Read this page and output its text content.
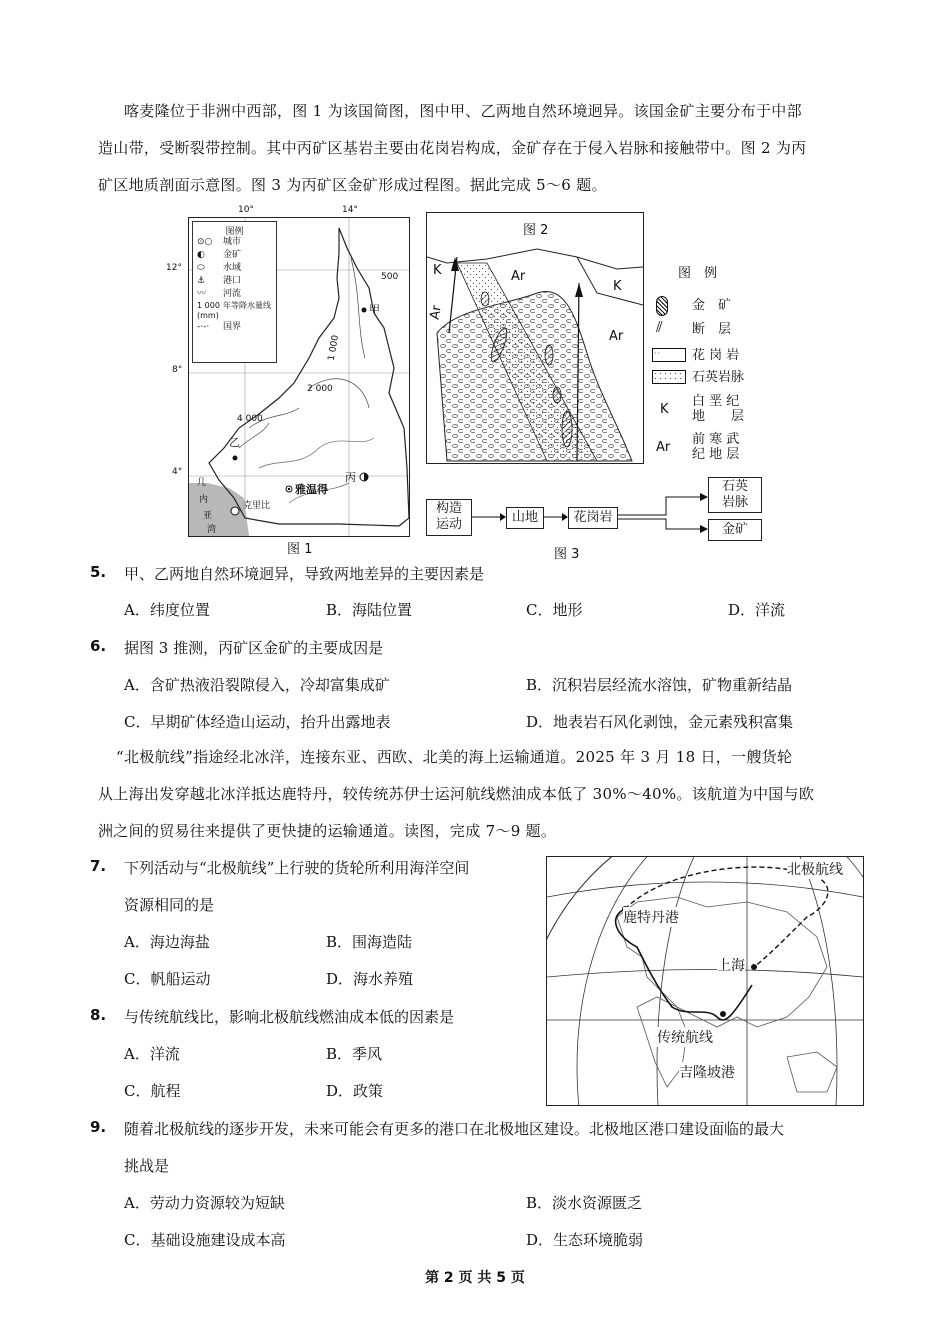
喀麦隆位于非洲中西部，图 1 为该国简图，图中甲、乙两地自然环境迥异。该国金矿主要分布于中部
造山带，受断裂带控制。其中丙矿区基岩主要由花岗岩构成，金矿存在于侵入岩脉和接触带中。图 2 为丙
矿区地质剖面示意图。图 3 为丙矿区金矿形成过程图。据此完成 5～6 题。
10°	14°
12°
8°
4°
图例
⊙○ 城市
◐ 金矿
⬭ 水域
⚓ 港口
〰 河流
1 000 年等降水量线
(mm)
-·-· 国界
500
1 000
2 000
4 000
甲
乙
丙
雅温得
克里比
几
内
亚
湾
图 1
图 2
K
Ar
Ar
K
Ar
图　例
金　矿
⫽ 断　层
花 岗 岩
石英岩脉
K
白 垩 纪
地　　层
Ar
前 寒 武
纪 地 层
构造运动	山地	花岗岩
石英岩脉
金矿
图 3
5. 甲、乙两地自然环境迥异，导致两地差异的主要因素是
A．纬度位置	B．海陆位置	C．地形	D．洋流
6. 据图 3 推测，丙矿区金矿的主要成因是
A．含矿热液沿裂隙侵入，冷却富集成矿	B．沉积岩层经流水溶蚀，矿物重新结晶
C．早期矿体经造山运动，抬升出露地表	D．地表岩石风化剥蚀，金元素残积富集
“北极航线”指途经北冰洋，连接东亚、西欧、北美的海上运输通道。2025 年 3 月 18 日，一艘货轮
从上海出发穿越北冰洋抵达鹿特丹，较传统苏伊士运河航线燃油成本低了 30%～40%。该航道为中国与欧
洲之间的贸易往来提供了更快捷的运输通道。读图，完成 7～9 题。
7. 下列活动与“北极航线”上行驶的货轮所利用海洋空间
资源相同的是
A．海边海盐	B．围海造陆
C．帆船运动	D．海水养殖
8. 与传统航线比，影响北极航线燃油成本低的因素是
A．洋流	B．季风
C．航程	D．政策
北极航线
鹿特丹港
上海
传统航线
吉隆坡港
9. 随着北极航线的逐步开发，未来可能会有更多的港口在北极地区建设。北极地区港口建设面临的最大
挑战是
A．劳动力资源较为短缺	B．淡水资源匮乏
C．基础设施建设成本高	D．生态环境脆弱
第 2 页 共 5 页
